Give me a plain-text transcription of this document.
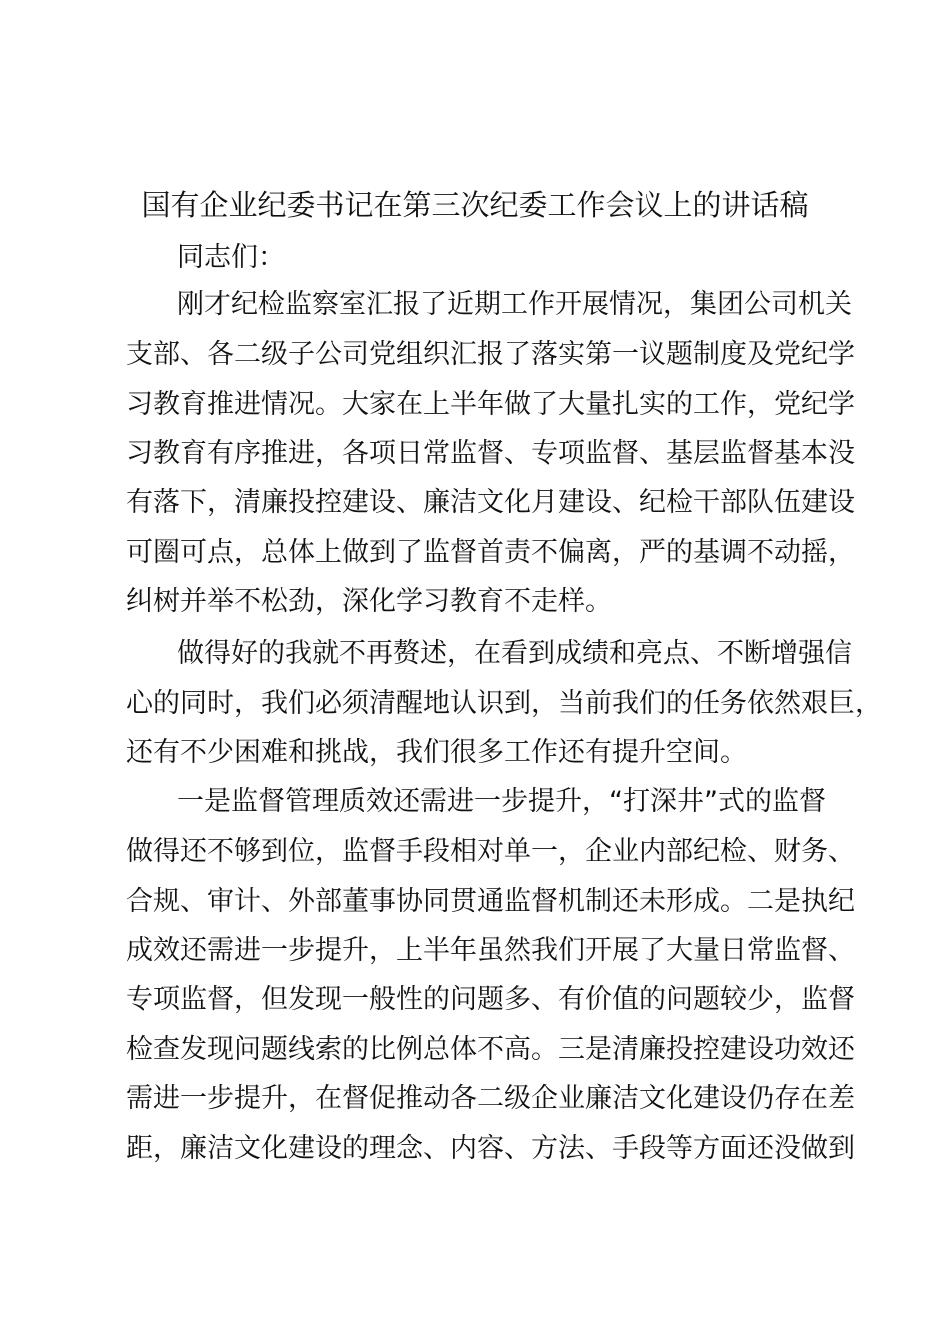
国有企业纪委书记在第三次纪委工作会议上的讲话稿
同志们：
刚才纪检监察室汇报了近期工作开展情况，集团公司机关
支部、各二级子公司党组织汇报了落实第一议题制度及党纪学
习教育推进情况。大家在上半年做了大量扎实的工作，党纪学
习教育有序推进，各项日常监督、专项监督、基层监督基本没
有落下，清廉投控建设、廉洁文化月建设、纪检干部队伍建设
可圈可点，总体上做到了监督首责不偏离，严的基调不动摇，
纠树并举不松劲，深化学习教育不走样。
做得好的我就不再赘述，在看到成绩和亮点、不断增强信
心的同时，我们必须清醒地认识到，当前我们的任务依然艰巨，
还有不少困难和挑战，我们很多工作还有提升空间。
一是监督管理质效还需进一步提升，“打深井”式的监督
做得还不够到位，监督手段相对单一，企业内部纪检、财务、
合规、审计、外部董事协同贯通监督机制还未形成。二是执纪
成效还需进一步提升，上半年虽然我们开展了大量日常监督、
专项监督，但发现一般性的问题多、有价值的问题较少，监督
检查发现问题线索的比例总体不高。三是清廉投控建设功效还
需进一步提升，在督促推动各二级企业廉洁文化建设仍存在差
距，廉洁文化建设的理念、内容、方法、手段等方面还没做到
